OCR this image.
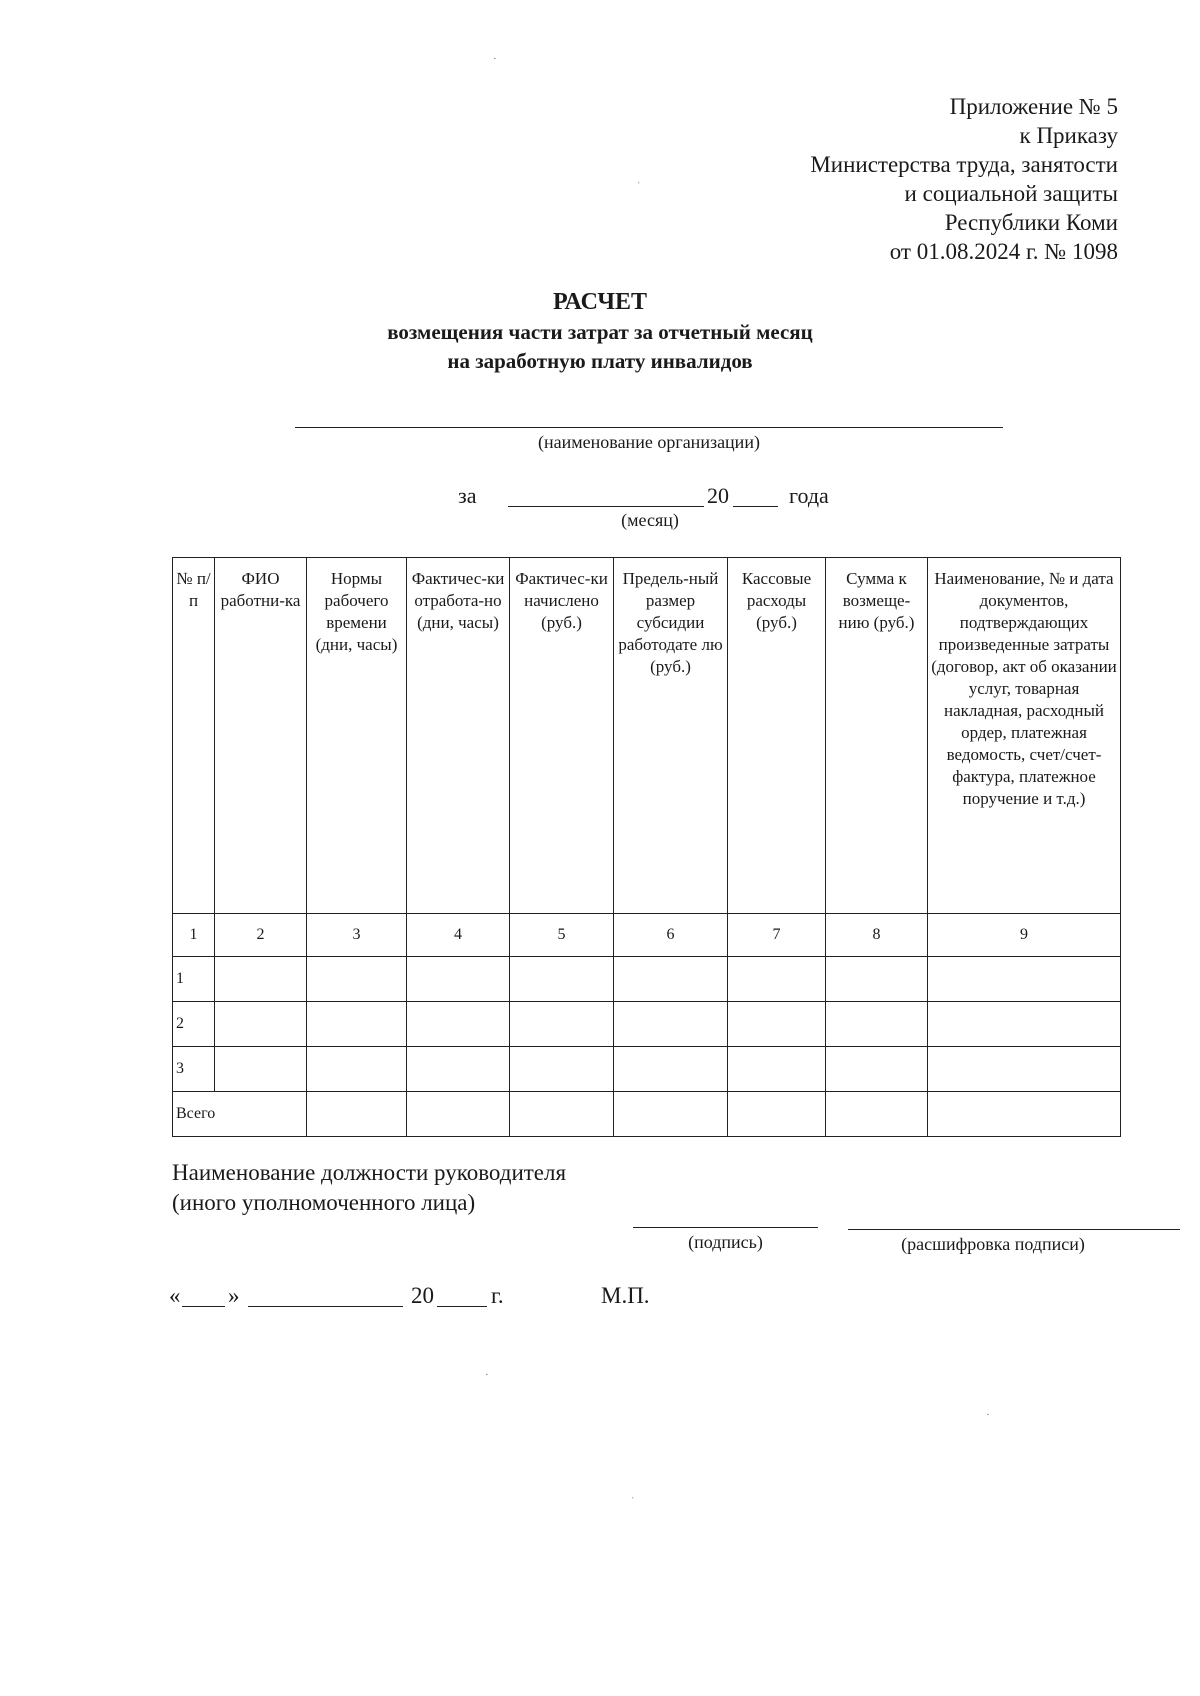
Приложение № 5
к Приказу
Министерства труда, занятости
и социальной защиты
Республики Коми
от 01.08.2024 г. № 1098
РАСЧЕТ
возмещения части затрат за отчетный месяц
на заработную плату инвалидов
(наименование организации)
за	20	года
(месяц)
№ п/п	ФИО работни-ка	Нормы рабочего времени (дни, часы)	Фактичес-ки отработа-но (дни, часы)	Фактичес-ки начислено (руб.)	Предель-ный размер субсидии работодате лю (руб.)	Кассовые расходы (руб.)	Сумма к возмеще-нию (руб.)	Наименование, № и дата документов, подтверждающих произведенные затраты (договор, акт об оказании услуг, товарная накладная, расходный ордер, платежная ведомость, счет/счет-фактура, платежное поручение и т.д.)
1	2	3	4	5	6	7	8	9
1								
2								
3								
Всего								
Наименование должности руководителя
(иного уполномоченного лица)
(подпись)	(расшифровка подписи)
« »	20 г.	М.П.
·
ˌ
·
·
ˌ
